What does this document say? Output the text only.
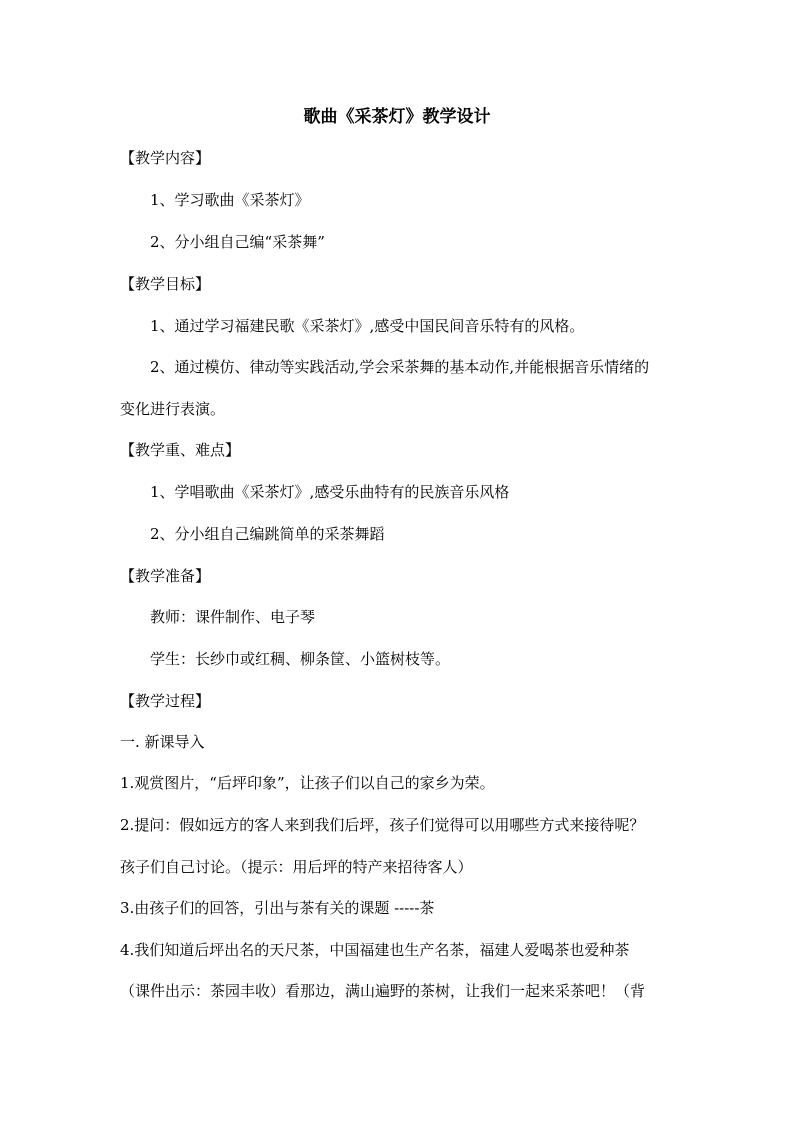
歌曲《采茶灯》教学设计
【教学内容】
1、学习歌曲《采茶灯》
2、分小组自己编“采茶舞”
【教学目标】
1、通过学习福建民歌《采茶灯》,感受中国民间音乐特有的风格。
2、通过模仿、律动等实践活动,学会采茶舞的基本动作,并能根据音乐情绪的
变化进行表演。
【教学重、难点】
1、学唱歌曲《采茶灯》,感受乐曲特有的民族音乐风格
2、分小组自己编跳简单的采茶舞蹈
【教学准备】
教师：课件制作、电子琴
学生：长纱巾或红稠、柳条筐、小篮树枝等。
【教学过程】
一. 新课导入
1.观赏图片，“后坪印象”，让孩子们以自己的家乡为荣。
2.提问：假如远方的客人来到我们后坪，孩子们觉得可以用哪些方式来接待呢？
孩子们自己讨论。（提示：用后坪的特产来招待客人）
3.由孩子们的回答，引出与茶有关的课题 -----茶
4.我们知道后坪出名的天尺茶，中国福建也生产名茶，福建人爱喝茶也爱种茶
（课件出示：茶园丰收）看那边，满山遍野的茶树，让我们一起来采茶吧！（背
